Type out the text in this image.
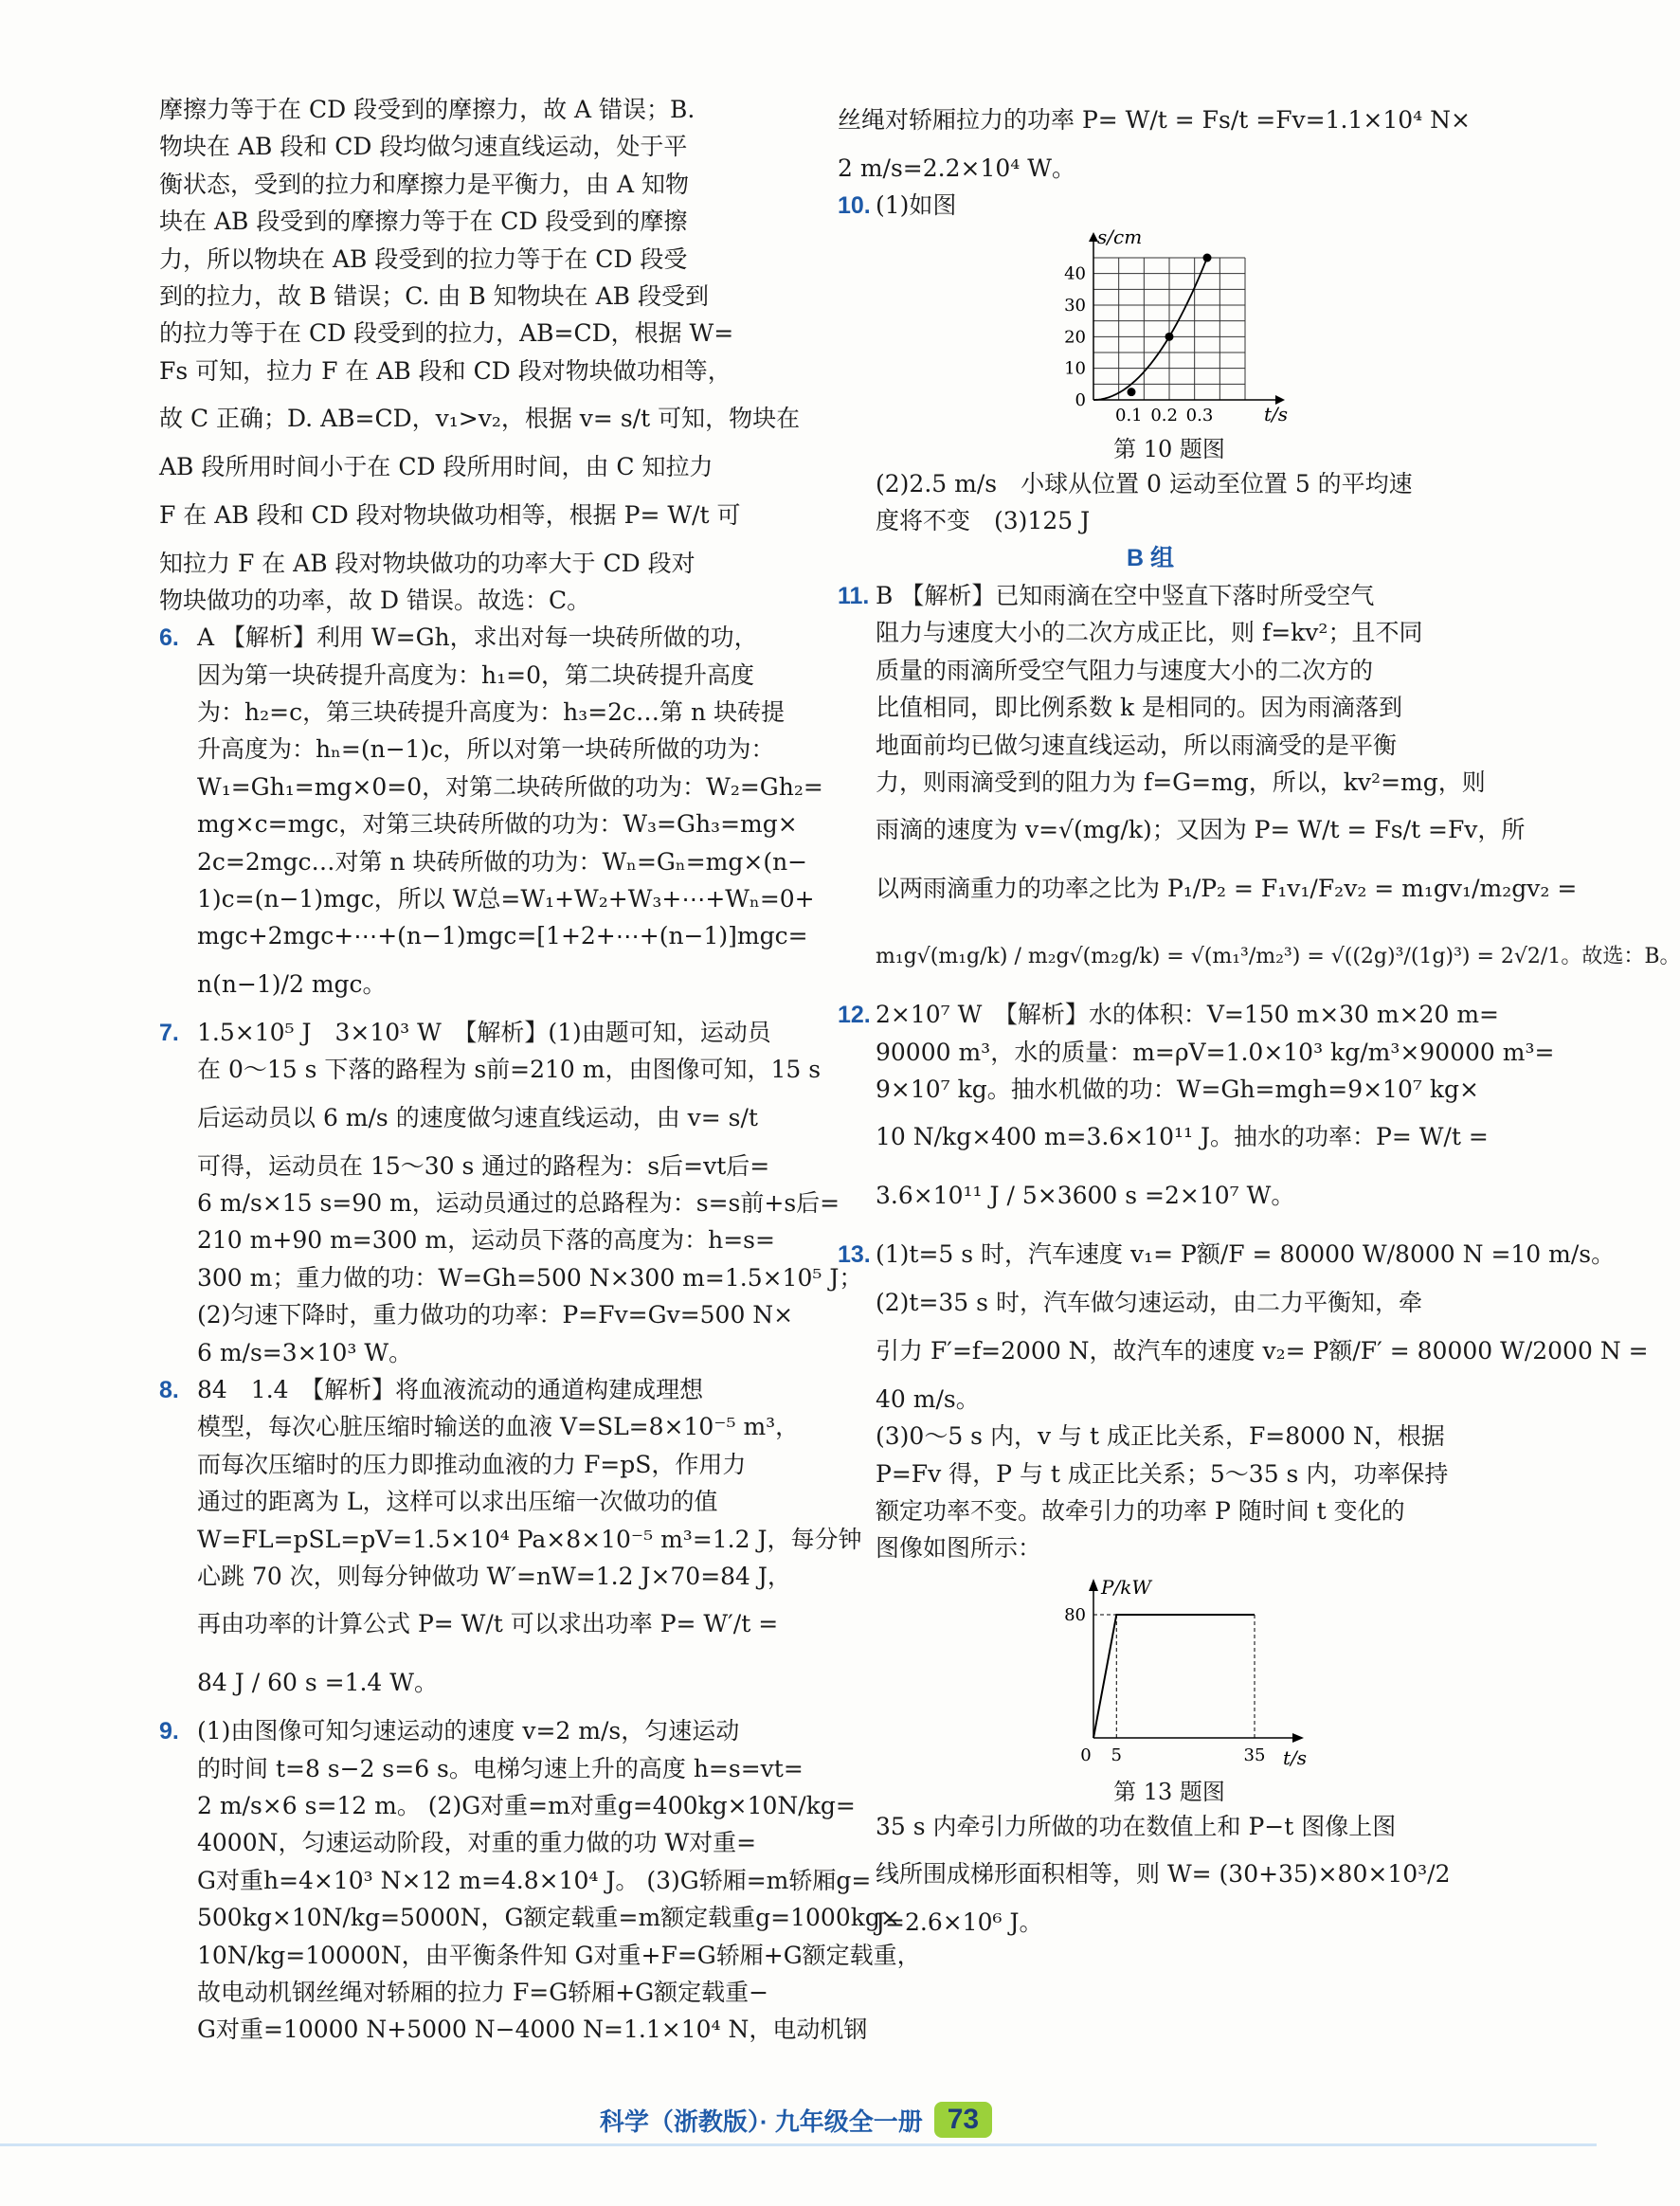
摩擦力等于在 CD 段受到的摩擦力，故 A 错误；B.
物块在 AB 段和 CD 段均做匀速直线运动，处于平
衡状态，受到的拉力和摩擦力是平衡力，由 A 知物
块在 AB 段受到的摩擦力等于在 CD 段受到的摩擦
力，所以物块在 AB 段受到的拉力等于在 CD 段受
到的拉力，故 B 错误；C. 由 B 知物块在 AB 段受到
的拉力等于在 CD 段受到的拉力，AB=CD，根据 W=
Fs 可知，拉力 F 在 AB 段和 CD 段对物块做功相等，
故 C 正确；D. AB=CD，v₁>v₂，根据 v= s/t 可知，物块在
AB 段所用时间小于在 CD 段所用时间，由 C 知拉力
F 在 AB 段和 CD 段对物块做功相等，根据 P= W/t 可
知拉力 F 在 AB 段对物块做功的功率大于 CD 段对
物块做功的功率，故 D 错误。故选：C。
6. A 【解析】利用 W=Gh，求出对每一块砖所做的功，
因为第一块砖提升高度为：h₁=0，第二块砖提升高度
为：h₂=c，第三块砖提升高度为：h₃=2c…第 n 块砖提
升高度为：hₙ=(n−1)c，所以对第一块砖所做的功为：
W₁=Gh₁=mg×0=0，对第二块砖所做的功为：W₂=Gh₂=
mg×c=mgc，对第三块砖所做的功为：W₃=Gh₃=mg×
2c=2mgc…对第 n 块砖所做的功为：Wₙ=Gₙ=mg×(n−
1)c=(n−1)mgc，所以 W总=W₁+W₂+W₃+⋯+Wₙ=0+
mgc+2mgc+⋯+(n−1)mgc=[1+2+⋯+(n−1)]mgc=
n(n−1)/2 mgc。
7. 1.5×10⁵ J　3×10³ W　【解析】(1)由题可知，运动员
在 0～15 s 下落的路程为 s前=210 m，由图像可知，15 s
后运动员以 6 m/s 的速度做匀速直线运动，由 v= s/t
可得，运动员在 15～30 s 通过的路程为：s后=vt后=
6 m/s×15 s=90 m，运动员通过的总路程为：s=s前+s后=
210 m+90 m=300 m，运动员下落的高度为：h=s=
300 m；重力做的功：W=Gh=500 N×300 m=1.5×10⁵ J；
(2)匀速下降时，重力做功的功率：P=Fv=Gv=500 N×
6 m/s=3×10³ W。
8. 84　1.4　【解析】将血液流动的通道构建成理想
模型，每次心脏压缩时输送的血液 V=SL=8×10⁻⁵ m³，
而每次压缩时的压力即推动血液的力 F=pS，作用力
通过的距离为 L，这样可以求出压缩一次做功的值
W=FL=pSL=pV=1.5×10⁴ Pa×8×10⁻⁵ m³=1.2 J，每分钟
心跳 70 次，则每分钟做功 W′=nW=1.2 J×70=84 J，
再由功率的计算公式 P= W/t 可以求出功率 P= W′/t =
84 J / 60 s =1.4 W。
9. (1)由图像可知匀速运动的速度 v=2 m/s，匀速运动
的时间 t=8 s−2 s=6 s。电梯匀速上升的高度 h=s=vt=
2 m/s×6 s=12 m。 (2)G对重=m对重g=400kg×10N/kg=
4000N，匀速运动阶段，对重的重力做的功 W对重=
G对重h=4×10³ N×12 m=4.8×10⁴ J。 (3)G轿厢=m轿厢g=
500kg×10N/kg=5000N，G额定载重=m额定载重g=1000kg×
10N/kg=10000N，由平衡条件知 G对重+F=G轿厢+G额定载重，
故电动机钢丝绳对轿厢的拉力 F=G轿厢+G额定载重−
G对重=10000 N+5000 N−4000 N=1.1×10⁴ N，电动机钢
丝绳对轿厢拉力的功率 P= W/t = Fs/t =Fv=1.1×10⁴ N×
2 m/s=2.2×10⁴ W。
10. (1)如图
s/cm
t/s
0
10
20
30
40
0.1 0.2 0.3
第 10 题图
(2)2.5 m/s　小球从位置 0 运动至位置 5 的平均速
度将不变　(3)125 J
B 组
11. B 【解析】已知雨滴在空中竖直下落时所受空气
阻力与速度大小的二次方成正比，则 f=kv²；且不同
质量的雨滴所受空气阻力与速度大小的二次方的
比值相同，即比例系数 k 是相同的。因为雨滴落到
地面前均已做匀速直线运动，所以雨滴受的是平衡
力，则雨滴受到的阻力为 f=G=mg，所以，kv²=mg，则
雨滴的速度为 v=√(mg/k)；又因为 P= W/t = Fs/t =Fv，所
以两雨滴重力的功率之比为 P₁/P₂ = F₁v₁/F₂v₂ = m₁gv₁/m₂gv₂ =
m₁g√(m₁g/k) / m₂g√(m₂g/k) = √(m₁³/m₂³) = √((2g)³/(1g)³) = 2√2/1。故选：B。
12. 2×10⁷ W　【解析】水的体积：V=150 m×30 m×20 m=
90000 m³，水的质量：m=ρV=1.0×10³ kg/m³×90000 m³=
9×10⁷ kg。抽水机做的功：W=Gh=mgh=9×10⁷ kg×
10 N/kg×400 m=3.6×10¹¹ J。抽水的功率：P= W/t =
3.6×10¹¹ J / 5×3600 s =2×10⁷ W。
13. (1)t=5 s 时，汽车速度 v₁= P额/F = 80000 W/8000 N =10 m/s。
(2)t=35 s 时，汽车做匀速运动，由二力平衡知，牵
引力 F′=f=2000 N，故汽车的速度 v₂= P额/F′ = 80000 W/2000 N =
40 m/s。
(3)0～5 s 内，v 与 t 成正比关系，F=8000 N，根据
P=Fv 得，P 与 t 成正比关系；5～35 s 内，功率保持
额定功率不变。故牵引力的功率 P 随时间 t 变化的
图像如图所示：
P/kW
t/s
80
0 5	35
第 13 题图
35 s 内牵引力所做的功在数值上和 P−t 图像上图
线所围成梯形面积相等，则 W= (30+35)×80×10³/2
J=2.6×10⁶ J。
科学（浙教版）· 九年级全一册 73
